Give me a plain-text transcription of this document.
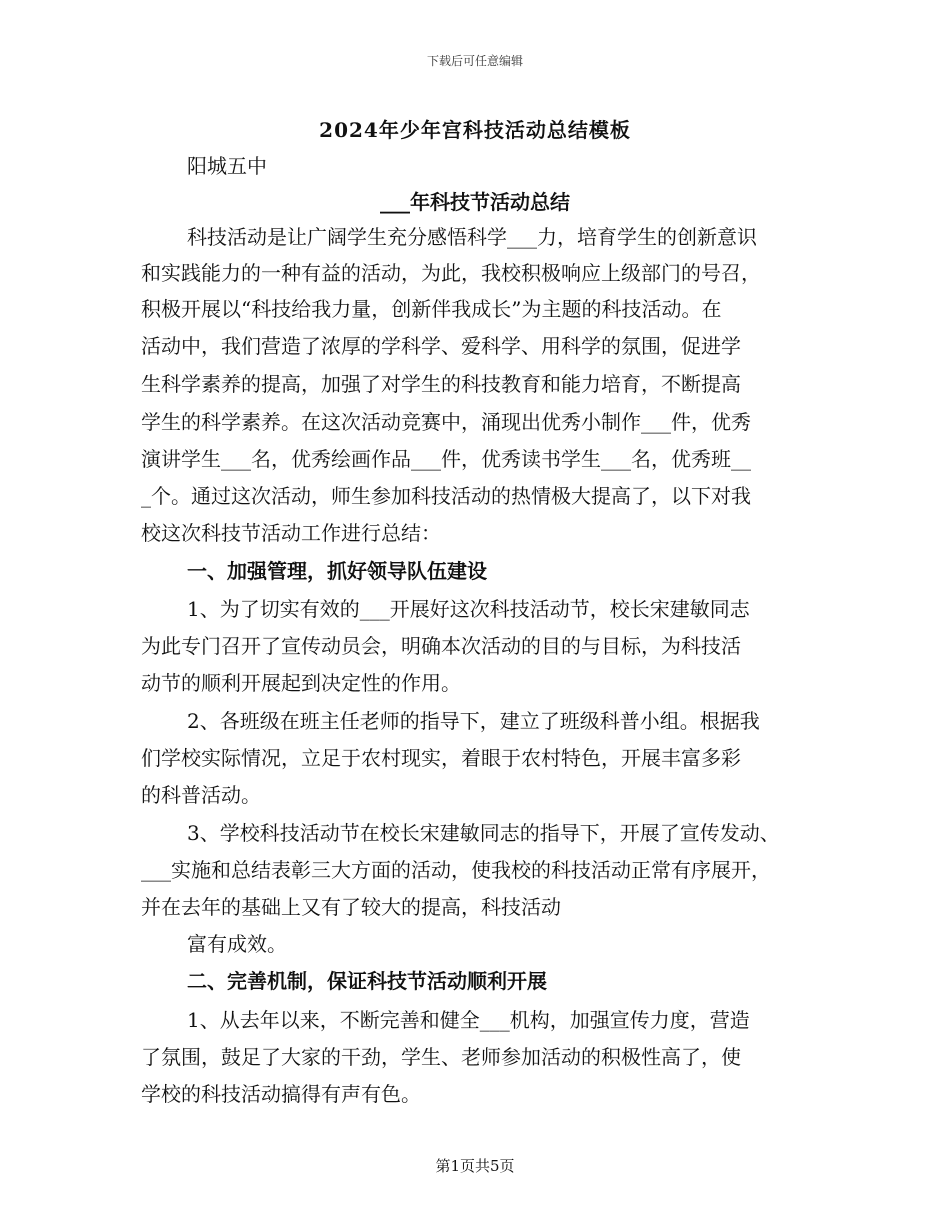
下载后可任意编辑
2024年少年宫科技活动总结模板
阳城五中
___年科技节活动总结
科技活动是让广阔学生充分感悟科学___力，培育学生的创新意识
和实践能力的一种有益的活动，为此，我校积极响应上级部门的号召，
积极开展以“科技给我力量，创新伴我成长”为主题的科技活动。在
活动中，我们营造了浓厚的学科学、爱科学、用科学的氛围，促进学
生科学素养的提高，加强了对学生的科技教育和能力培育，不断提高
学生的科学素养。在这次活动竞赛中，涌现出优秀小制作___件，优秀
演讲学生___名，优秀绘画作品___件，优秀读书学生___名，优秀班__
_个。通过这次活动，师生参加科技活动的热情极大提高了，以下对我
校这次科技节活动工作进行总结：
一、加强管理，抓好领导队伍建设
1、为了切实有效的___开展好这次科技活动节，校长宋建敏同志
为此专门召开了宣传动员会，明确本次活动的目的与目标，为科技活
动节的顺利开展起到决定性的作用。
2、各班级在班主任老师的指导下，建立了班级科普小组。根据我
们学校实际情况，立足于农村现实，着眼于农村特色，开展丰富多彩
的科普活动。
3、学校科技活动节在校长宋建敏同志的指导下，开展了宣传发动、
___实施和总结表彰三大方面的活动，使我校的科技活动正常有序展开，
并在去年的基础上又有了较大的提高，科技活动
富有成效。
二、完善机制，保证科技节活动顺利开展
1、从去年以来，不断完善和健全___机构，加强宣传力度，营造
了氛围，鼓足了大家的干劲，学生、老师参加活动的积极性高了，使
学校的科技活动搞得有声有色。
第1页共5页
